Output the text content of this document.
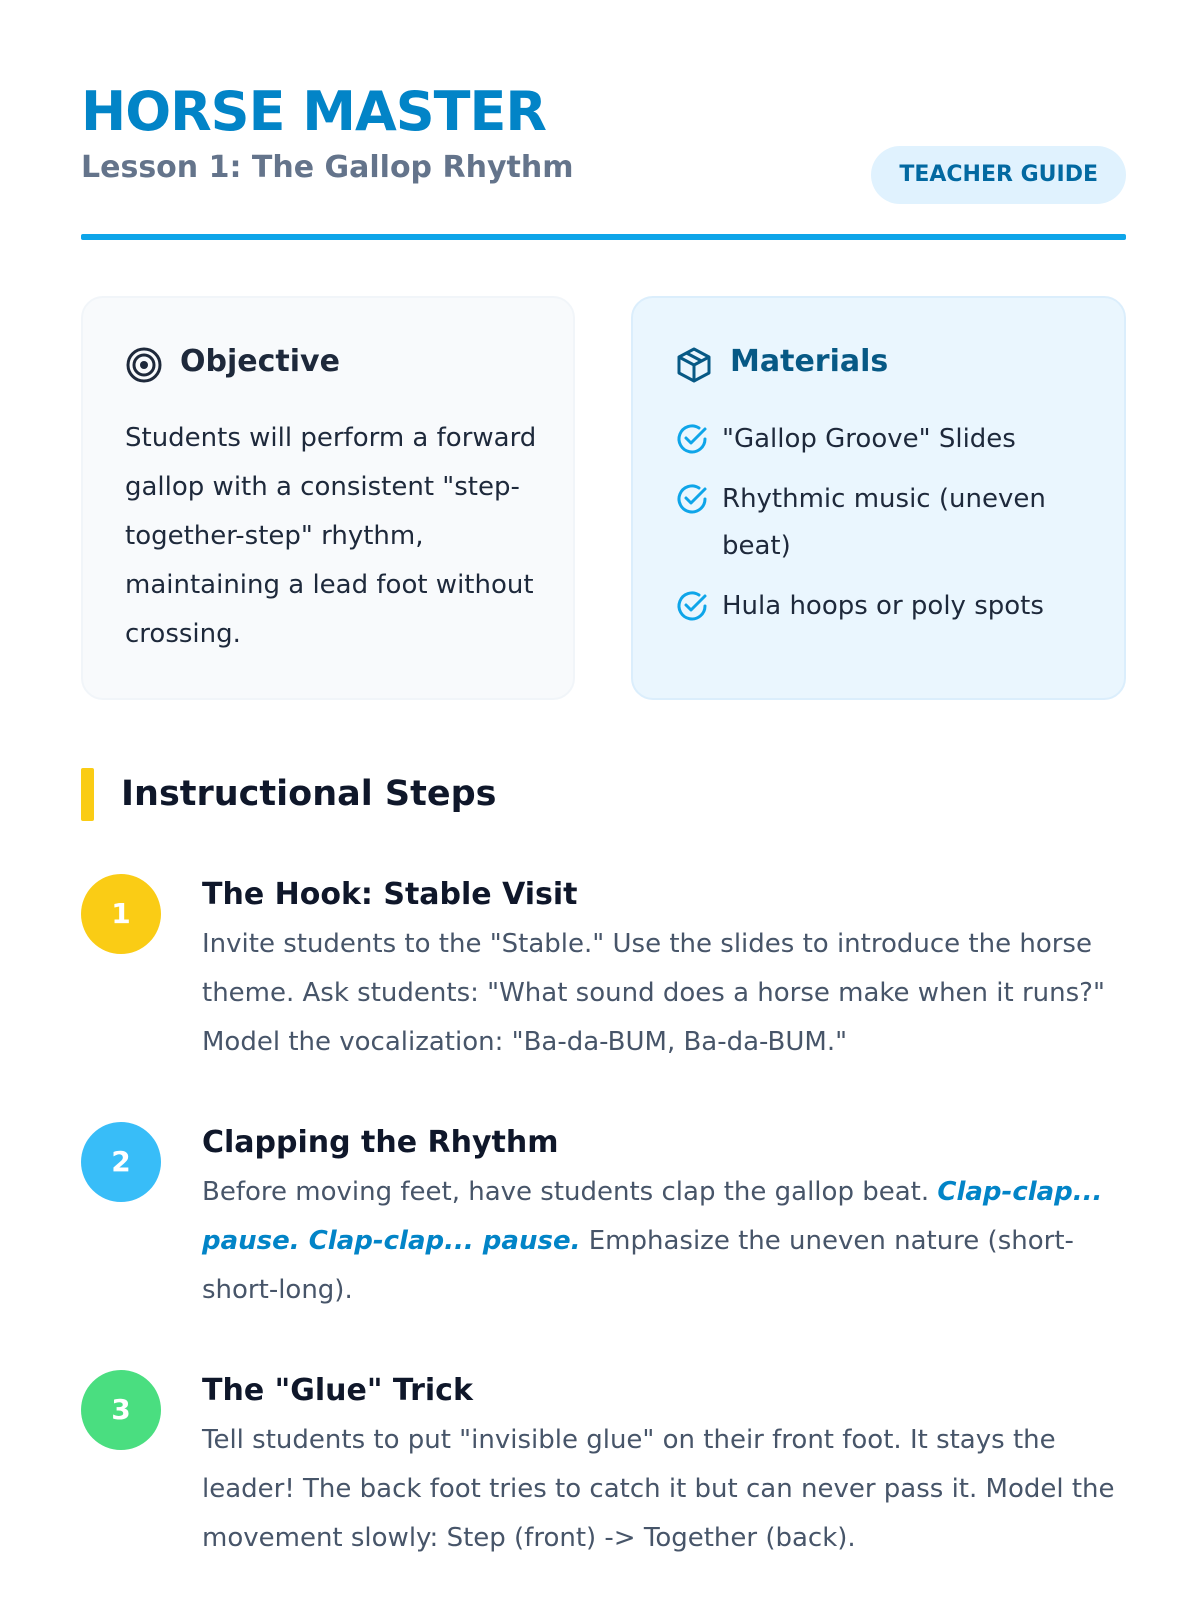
HORSE MASTER
Lesson 1: The Gallop Rhythm	TEACHER GUIDE
Objective

Students will perform a forward gallop with a consistent "step-together-step" rhythm, maintaining a lead foot without crossing.

Materials
"Gallop Groove" Slides
Rhythmic music (uneven beat)
Hula hoops or poly spots
Instructional Steps
1
The Hook: Stable Visit

Invite students to the "Stable." Use the slides to introduce the horse theme. Ask students: "What sound does a horse make when it runs?" Model the vocalization: "Ba-da-BUM, Ba-da-BUM."

2
Clapping the Rhythm

Before moving feet, have students clap the gallop beat. Clap-clap... pause. Clap-clap... pause. Emphasize the uneven nature (short-short-long).

3
The "Glue" Trick

Tell students to put "invisible glue" on their front foot. It stays the leader! The back foot tries to catch it but can never pass it. Model the movement slowly: Step (front) -> Together (back).
